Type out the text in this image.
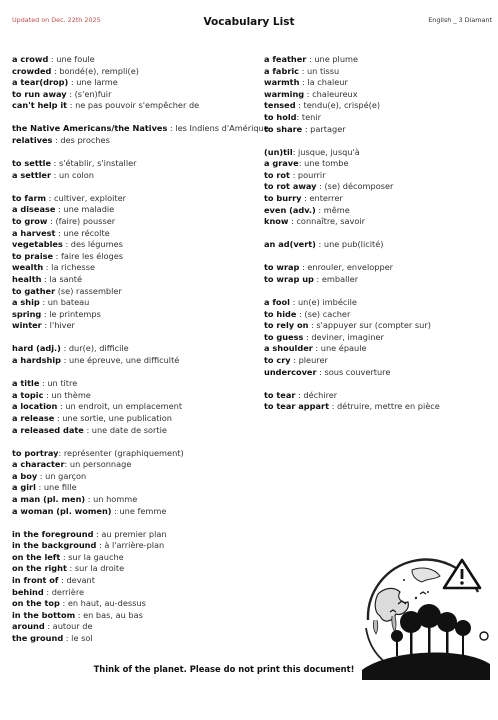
Updated on Dec. 22th 2025	Vocabulary List	English _ 3 Diamant
a crowd : une foule
crowded : bondé(e), rempli(e)
a tear(drop) : une larme
to run away : (s'en)fuir
can't help it : ne pas pouvoir s'empêcher de
the Native Americans/the Natives : les Indiens d'Amérique
relatives : des proches
to settle : s'établir, s'installer
a settler : un colon
to farm : cultiver, exploiter
a disease : une maladie
to grow : (faire) pousser
a harvest : une récolte
vegetables : des légumes
to praise : faire les éloges
wealth : la richesse
health : la santé
to gather (se) rassembler
a ship : un bateau
spring : le printemps
winter : l'hiver
hard (adj.) : dur(e), difficile
a hardship : une épreuve, une difficulté
a title : un titre
a topic : un thème
a location : un endroit, un emplacement
a release : une sortie, une publication
a released date : une date de sortie
to portray: représenter (graphiquement)
a character: un personnage
a boy : un garçon
a girl : une fille
a man (pl. men) : un homme
a woman (pl. women) : une femme
in the foreground : au premier plan
in the background : à l'arrière-plan
on the left : sur la gauche
on the right : sur la droite
in front of : devant
behind : derrière
on the top : en haut, au-dessus
in the bottom : en bas, au bas
around : autour de
the ground : le sol
a feather : une plume
a fabric : un tissu
warmth : la chaleur
warming : chaleureux
tensed : tendu(e), crispé(e)
to hold: tenir
to share : partager
(un)til: jusque, jusqu'à
a grave: une tombe
to rot : pourrir
to rot away : (se) décomposer
to burry : enterrer
even (adv.) : même
know : connaître, savoir
an ad(vert) : une pub(licité)
to wrap : enrouler, envelopper
to wrap up : emballer
a fool : un(e) imbécile
to hide : (se) cacher
to rely on : s'appuyer sur (compter sur)
to guess : deviner, imaginer
a shoulder : une épaule
to cry : pleurer
undercover : sous couverture
to tear : déchirer
to tear appart : détruire, mettre en pièce
Think of the planet. Please do not print this document!
